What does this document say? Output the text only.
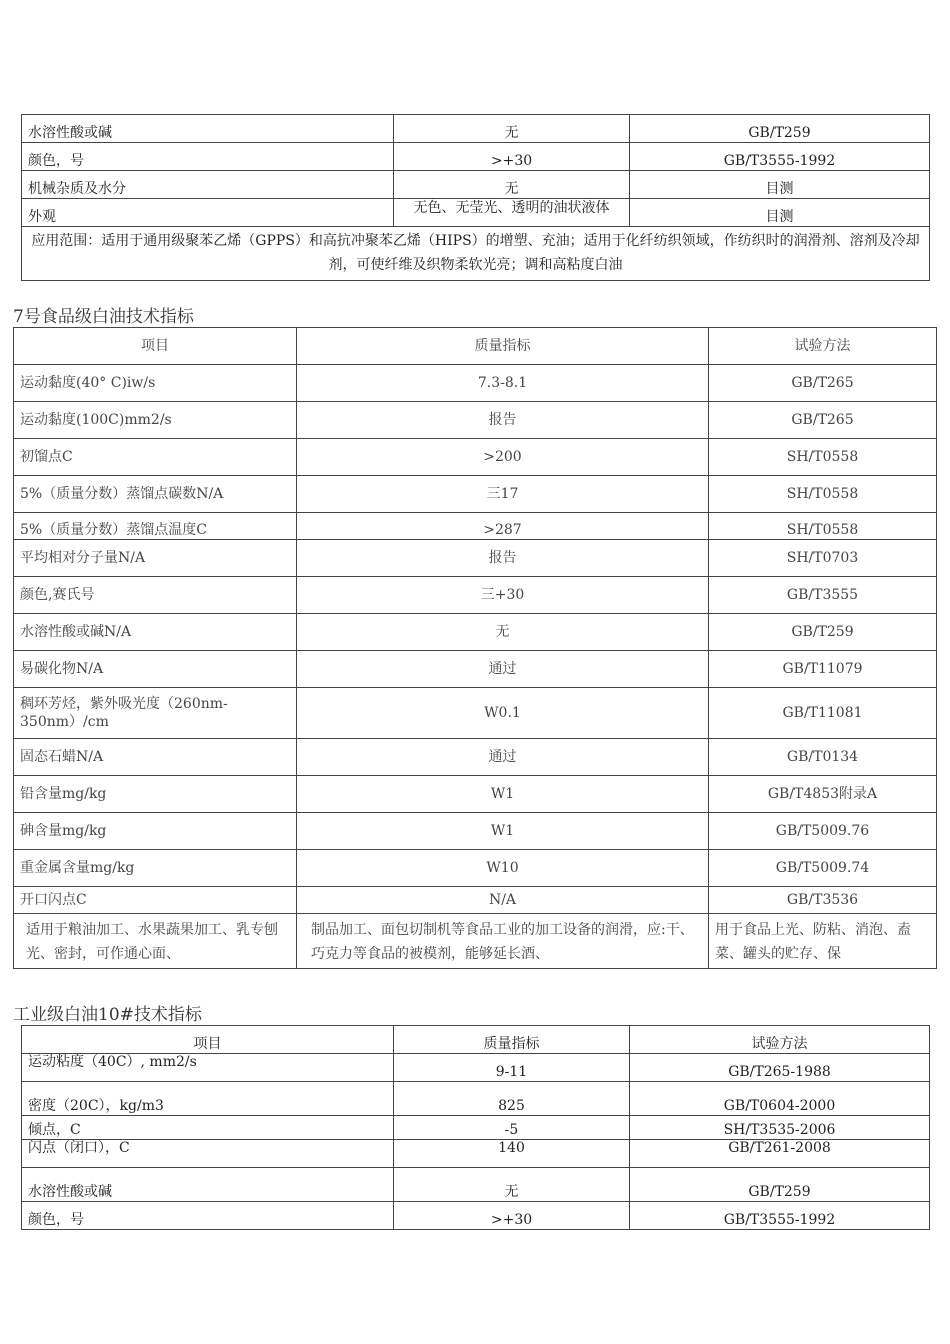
水溶性酸或碱	无	GB/T259
颜色，号	>+30	GB/T3555-1992
机械杂质及水分	无	目测
外观	无色、无莹光、透明的油状液体	目测
应用范围：适用于通用级聚苯乙烯（GPPS）和高抗冲聚苯乙烯（HIPS）的增塑、充油；适用于化纤纺织领域，作纺织时的润滑剂、溶剂及冷却剂，可使纤维及织物柔软光亮；调和高粘度白油		
7号食品级白油技术指标
项目	质量指标	试验方法
运动黏度(40° C)iw/s	7.3-8.1	GB/T265
运动黏度(100C)mm2/s	报告	GB/T265
初馏点C	>200	SH/T0558
5%（质量分数）蒸馏点碳数N/A	三17	SH/T0558
5%（质量分数）蒸馏点温度C	>287	SH/T0558
平均相对分子量N/A	报告	SH/T0703
颜色,赛氏号	三+30	GB/T3555
水溶性酸或碱N/A	无	GB/T259
易碳化物N/A	通过	GB/T11079
稠环芳烃，紫外吸光度（260nm-350nm）/cm	W0.1	GB/T11081
固态石蜡N/A	通过	GB/T0134
铅含量mg/kg	W1	GB/T4853附录A
砷含量mg/kg	W1	GB/T5009.76
重金属含量mg/kg	W10	GB/T5009.74
开口闪点C	N/A	GB/T3536
适用于粮油加工、水果蔬果加工、乳专刨光、密封，可作通心面、	制品加工、面包切制机等食品工业的加工设备的润滑，应:干、巧克力等食品的被模剂，能够延长酒、	用于食品上光、防粘、消泡、盍菜、罐头的贮存、保
工业级白油10#技术指标
项目	质量指标	试验方法
运动粘度（40C）, mm2/s	9-11	GB/T265-1988
密度（20C），kg/m3	825	GB/T0604-2000
倾点，C	-5	SH/T3535-2006
闪点（闭口），C	140	GB/T261-2008
水溶性酸或碱	无	GB/T259
颜色，号	>+30	GB/T3555-1992
